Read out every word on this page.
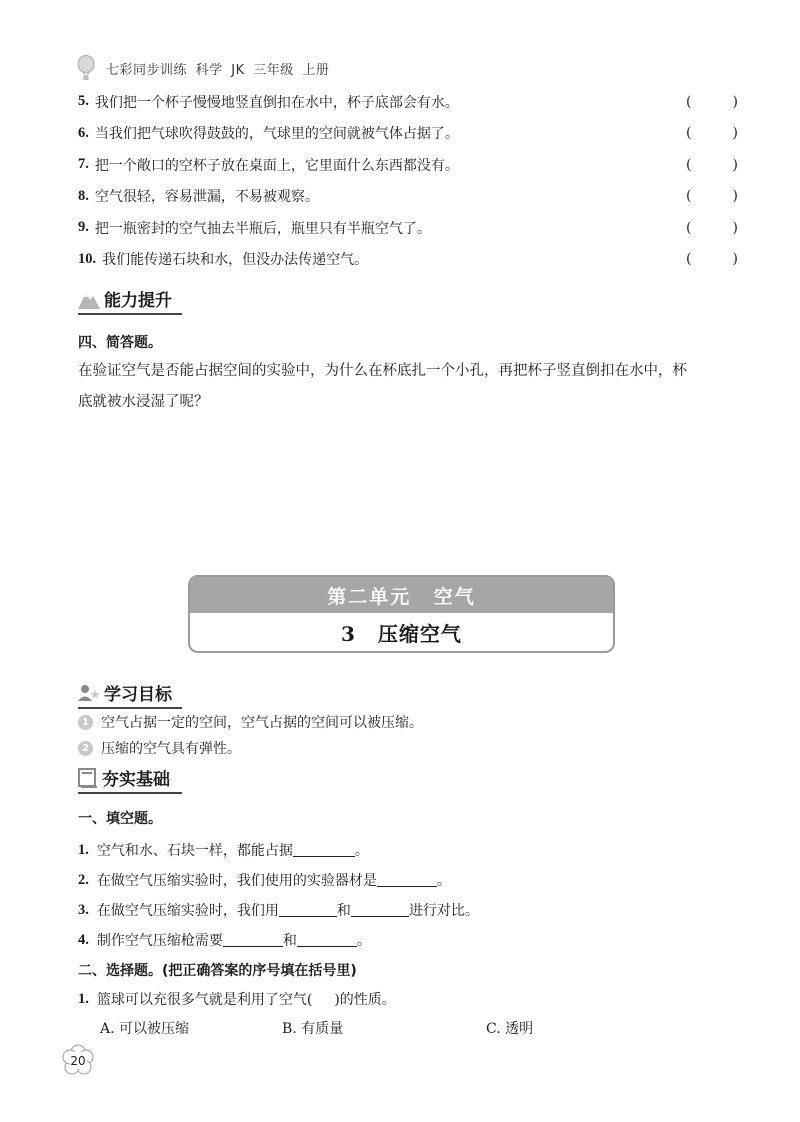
七彩同步训练 科学 JK 三年级 上册
5. 我们把一个杯子慢慢地竖直倒扣在水中，杯子底部会有水。	(	)
6. 当我们把气球吹得鼓鼓的，气球里的空间就被气体占据了。	(	)
7. 把一个敞口的空杯子放在桌面上，它里面什么东西都没有。	(	)
8. 空气很轻，容易泄漏，不易被观察。	(	)
9. 把一瓶密封的空气抽去半瓶后，瓶里只有半瓶空气了。	(	)
10. 我们能传递石块和水，但没办法传递空气。	(	)
能力提升
四、简答题。
在验证空气是否能占据空间的实验中，为什么在杯底扎一个小孔，再把杯子竖直倒扣在水中，杯
底就被水浸湿了呢？
第二单元 空气
3 压缩空气
学习目标
1 空气占据一定的空间，空气占据的空间可以被压缩。
2 压缩的空气具有弹性。
夯实基础
一、填空题。
1. 空气和水、石块一样，都能占据	。
2. 在做空气压缩实验时，我们使用的实验器材是	。
3. 在做空气压缩实验时，我们用	和	进行对比。
4. 制作空气压缩枪需要	和	。
二、选择题。(把正确答案的序号填在括号里)
1. 篮球可以充很多气就是利用了空气( )的性质。
A. 可以被压缩	B. 有质量	C. 透明
20
